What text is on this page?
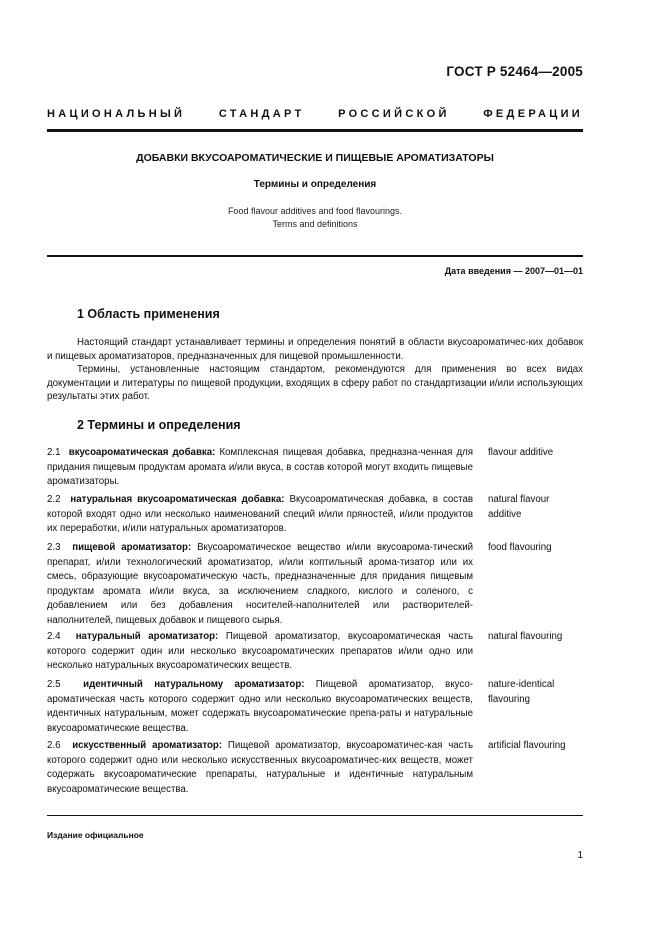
ГОСТ Р 52464—2005
НАЦИОНАЛЬНЫЙ СТАНДАРТ РОССИЙСКОЙ ФЕДЕРАЦИИ
ДОБАВКИ ВКУСОАРОМАТИЧЕСКИЕ И ПИЩЕВЫЕ АРОМАТИЗАТОРЫ
Термины и определения
Food flavour additives and food flavourings.
Terms and definitions
Дата введения — 2007—01—01
1 Область применения

Настоящий стандарт устанавливает термины и определения понятий в области вкусоароматичес-ких добавок и пищевых ароматизаторов, предназначенных для пищевой промышленности.

Термины, установленные настоящим стандартом, рекомендуются для применения во всех видах документации и литературы по пищевой продукции, входящих в сферу работ по стандартизации и/или использующих результаты этих работ.

2 Термины и определения
2.1 вкусоароматическая добавка: Комплексная пищевая добавка, предназна-ченная для придания пищевым продуктам аромата и/или вкуса, в состав которой могут входить пищевые ароматизаторы.
flavour additive
2.2 натуральная вкусоароматическая добавка: Вкусоароматическая добавка, в состав которой входят одно или несколько наименований специй и/или пряностей, и/или продуктов их переработки, и/или натуральных ароматизаторов.
natural flavour additive
2.3 пищевой ароматизатор: Вкусоароматическое вещество и/или вкусоарома-тический препарат, и/или технологический ароматизатор, и/или коптильный арома-тизатор или их смесь, образующие вкусоароматическую часть, предназначенные для придания пищевым продуктам аромата и/или вкуса, за исключением сладкого, кислого и соленого, с добавлением или без добавления носителей-наполнителей или растворителей-наполнителей, пищевых добавок и пищевого сырья.
food flavouring
2.4 натуральный ароматизатор: Пищевой ароматизатор, вкусоароматическая часть которого содержит один или несколько вкусоароматических препаратов и/или одно или несколько натуральных вкусоароматических веществ.
natural flavouring
2.5 идентичный натуральному ароматизатор: Пищевой ароматизатор, вкусо-ароматическая часть которого содержит одно или несколько вкусоароматических веществ, идентичных натуральным, может содержать вкусоароматические препа-раты и натуральные вкусоароматические вещества.
nature-identical flavouring
2.6 искусственный ароматизатор: Пищевой ароматизатор, вкусоароматичес-кая часть которого содержит одно или несколько искусственных вкусоароматичес-ких веществ, может содержать вкусоароматические препараты, натуральные и идентичные натуральным вкусоароматические вещества.
artificial flavouring
Издание официальное
1
